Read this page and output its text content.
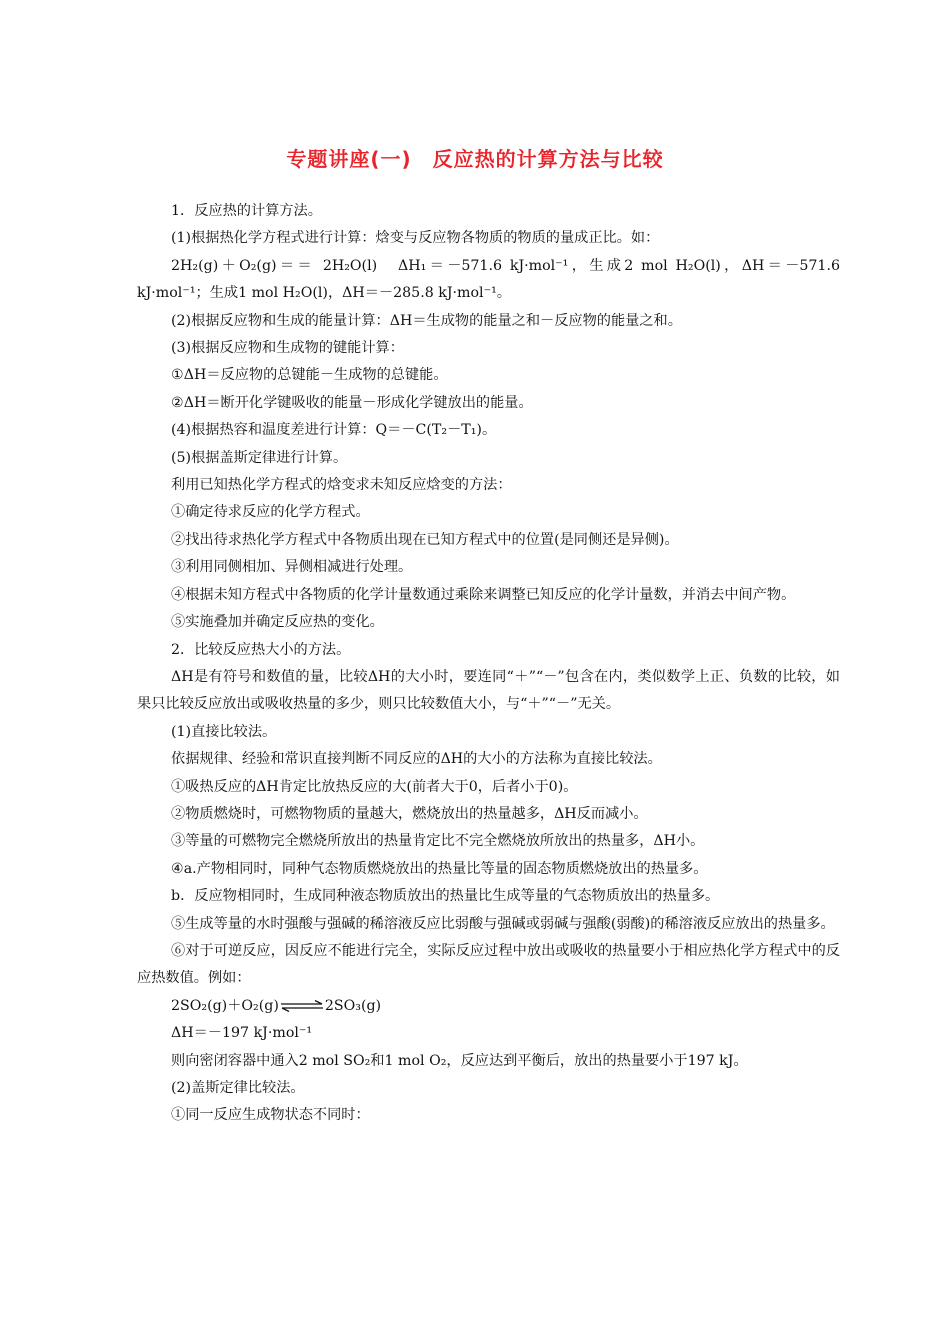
专题讲座(一)　反应热的计算方法与比较

1．反应热的计算方法。

(1)根据热化学方程式进行计算：焓变与反应物各物质的物质的量成正比。如：

2H₂(g)＋O₂(g)＝＝ 2H₂O(l)　ΔH₁＝－571.6 kJ·mol⁻¹，生成2 mol H₂O(l)，ΔH＝－571.6 kJ·mol⁻¹；生成1 mol H₂O(l)，ΔH＝－285.8 kJ·mol⁻¹。

(2)根据反应物和生成的能量计算：ΔH＝生成物的能量之和－反应物的能量之和。

(3)根据反应物和生成物的键能计算：

①ΔH＝反应物的总键能－生成物的总键能。

②ΔH＝断开化学键吸收的能量－形成化学键放出的能量。

(4)根据热容和温度差进行计算：Q＝－C(T₂－T₁)。

(5)根据盖斯定律进行计算。

利用已知热化学方程式的焓变求未知反应焓变的方法：

①确定待求反应的化学方程式。

②找出待求热化学方程式中各物质出现在已知方程式中的位置(是同侧还是异侧)。

③利用同侧相加、异侧相减进行处理。

④根据未知方程式中各物质的化学计量数通过乘除来调整已知反应的化学计量数，并消去中间产物。

⑤实施叠加并确定反应热的变化。

2．比较反应热大小的方法。

ΔH是有符号和数值的量，比较ΔH的大小时，要连同“＋”“－”包含在内，类似数学上正、负数的比较，如果只比较反应放出或吸收热量的多少，则只比较数值大小，与“＋”“－”无关。

(1)直接比较法。

依据规律、经验和常识直接判断不同反应的ΔH的大小的方法称为直接比较法。

①吸热反应的ΔH肯定比放热反应的大(前者大于0，后者小于0)。

②物质燃烧时，可燃物物质的量越大，燃烧放出的热量越多，ΔH反而减小。

③等量的可燃物完全燃烧所放出的热量肯定比不完全燃烧放所放出的热量多，ΔH小。

④a.产物相同时，同种气态物质燃烧放出的热量比等量的固态物质燃烧放出的热量多。

b．反应物相同时，生成同种液态物质放出的热量比生成等量的气态物质放出的热量多。

⑤生成等量的水时强酸与强碱的稀溶液反应比弱酸与强碱或弱碱与强酸(弱酸)的稀溶液反应放出的热量多。

⑥对于可逆反应，因反应不能进行完全，实际反应过程中放出或吸收的热量要小于相应热化学方程式中的反应热数值。例如：

2SO₂(g)＋O₂(g)⇌2SO₃(g)

ΔH＝－197 kJ·mol⁻¹

则向密闭容器中通入2 mol SO₂和1 mol O₂，反应达到平衡后，放出的热量要小于197 kJ。

(2)盖斯定律比较法。

①同一反应生成物状态不同时：
